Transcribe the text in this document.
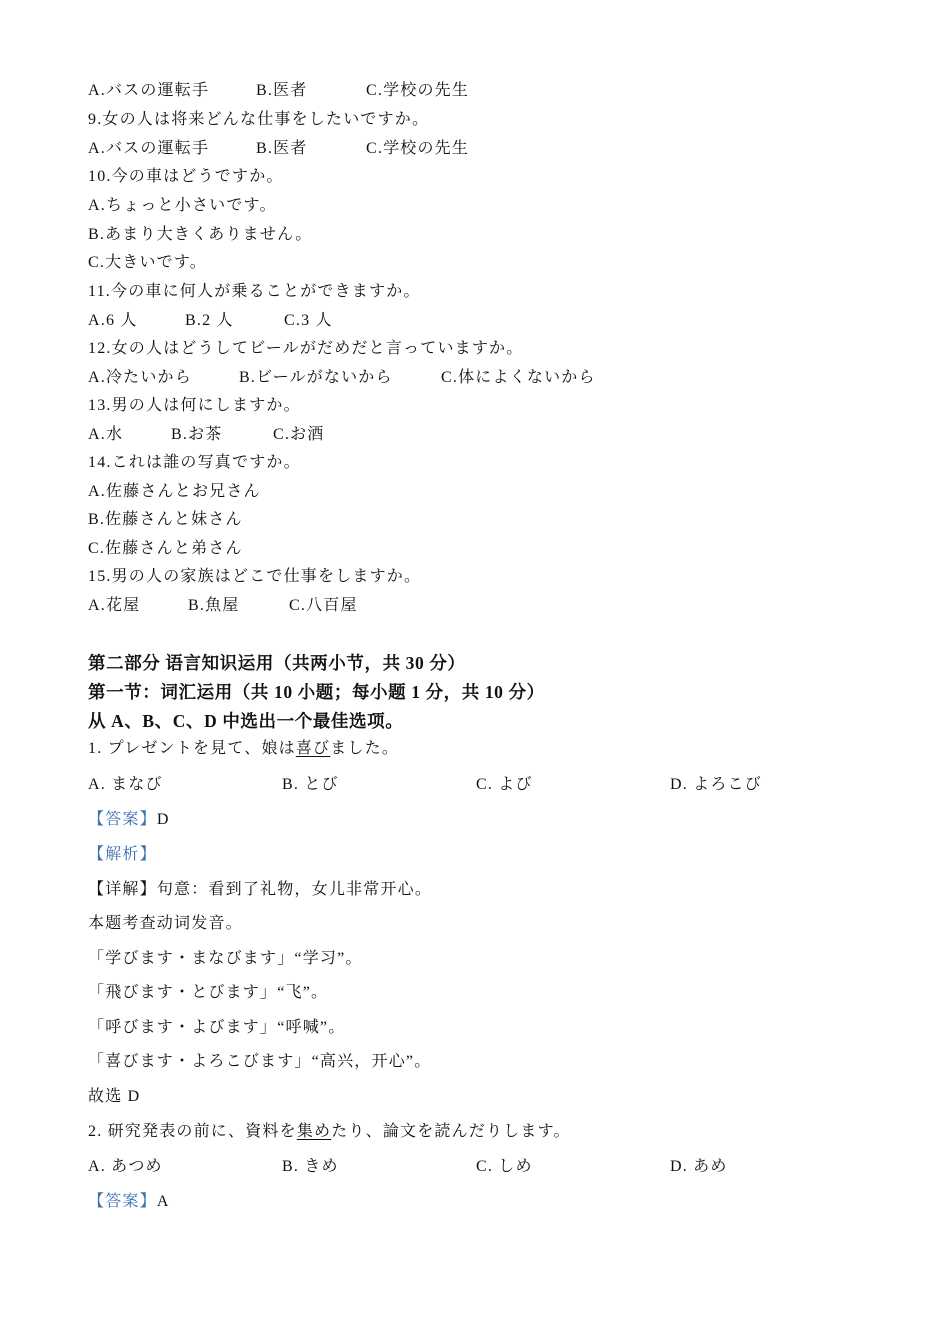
A.バスの運転手	B.医者	C.学校の先生
9.女の人は将来どんな仕事をしたいですか。
A.バスの運転手	B.医者	C.学校の先生
10.今の車はどうですか。
A.ちょっと小さいです。
B.あまり大きくありません。
C.大きいです。
11.今の車に何人が乗ることができますか。
A.6 人	B.2 人	C.3 人
12.女の人はどうしてビールがだめだと言っていますか。
A.冷たいから	B.ビールがないから	C.体によくないから
13.男の人は何にしますか。
A.水	B.お茶	C.お酒
14.これは誰の写真ですか。
A.佐藤さんとお兄さん
B.佐藤さんと妹さん
C.佐藤さんと弟さん
15.男の人の家族はどこで仕事をしますか。
A.花屋	B.魚屋	C.八百屋
第二部分 语言知识运用（共两小节，共 30 分）
第一节：词汇运用（共 10 小题；每小题 1 分，共 10 分）
从 A、B、C、D 中选出一个最佳选项。
1. プレゼントを見て、娘は喜びました。
A. まなび	B. とび	C. よび	D. よろこび
【答案】D
【解析】
【详解】句意：看到了礼物，女儿非常开心。
本题考查动词发音。
「学びます・まなびます」“学习”。
「飛びます・とびます」“飞”。
「呼びます・よびます」“呼喊”。
「喜びます・よろこびます」“高兴，开心”。
故选 D
2. 研究発表の前に、資料を集めたり、論文を読んだりします。
A. あつめ	B. きめ	C. しめ	D. あめ
【答案】A
